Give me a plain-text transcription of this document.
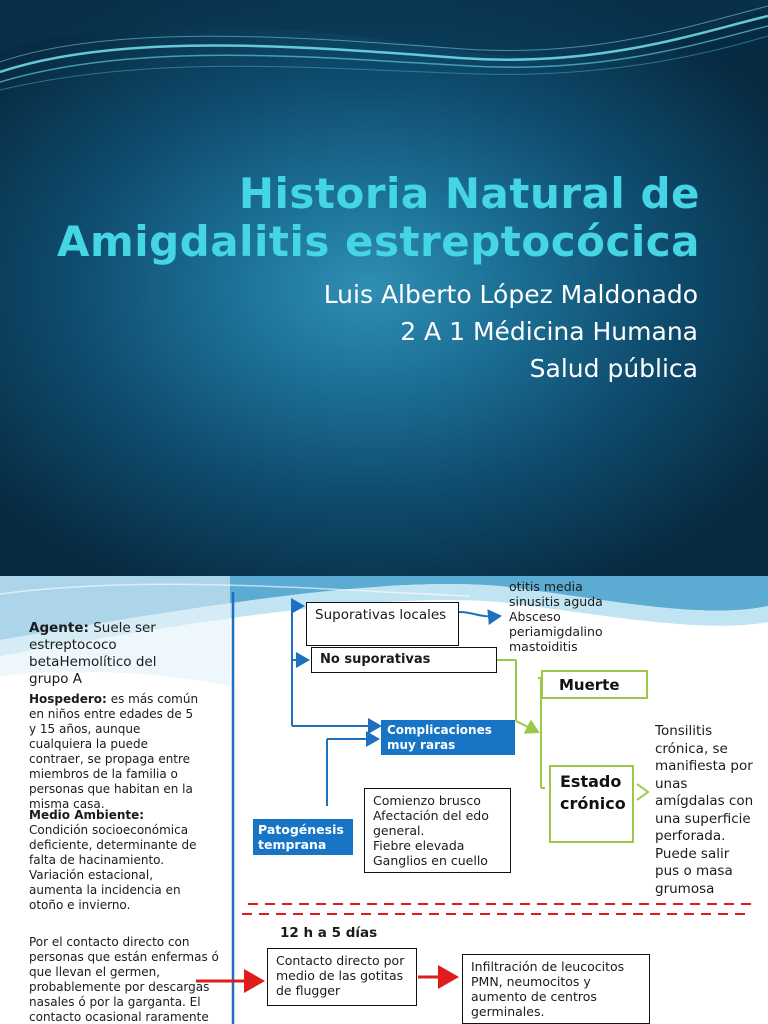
Historia Natural de
Amigdalitis estreptocócica
Luis Alberto López Maldonado
2 A 1 Médicina Humana
Salud pública
Agente: Suele ser estreptococo betaHemolítico del grupo A
Hospedero: es más común en niños entre edades de 5 y 15 años, aunque cualquiera la puede contraer, se propaga entre miembros de la familia o personas que habitan en la misma casa.
Medio Ambiente:
Condición socioeconómica deficiente, determinante de falta de hacinamiento. Variación estacional, aumenta la incidencia en otoño e invierno.
Por el contacto directo con personas que están enfermas ó que llevan el germen, probablemente por descargas nasales ó por la garganta. El contacto ocasional raramente
Suporativas locales
otitis media
sinusitis aguda
Absceso
periamigdalino
mastoiditis
No suporativas
Complicaciones muy raras
Muerte
Estado crónico
Tonsilitis crónica, se manifiesta por unas amígdalas con una superficie perforada. Puede salir pus o masa grumosa
Patogénesis temprana
Comienzo brusco
Afectación del edo general.
Fiebre elevada
Ganglios en cuello
12 h a 5 días
Contacto directo por medio de las gotitas de flugger
Infiltración de leucocitos PMN, neumocitos y aumento de centros germinales.
